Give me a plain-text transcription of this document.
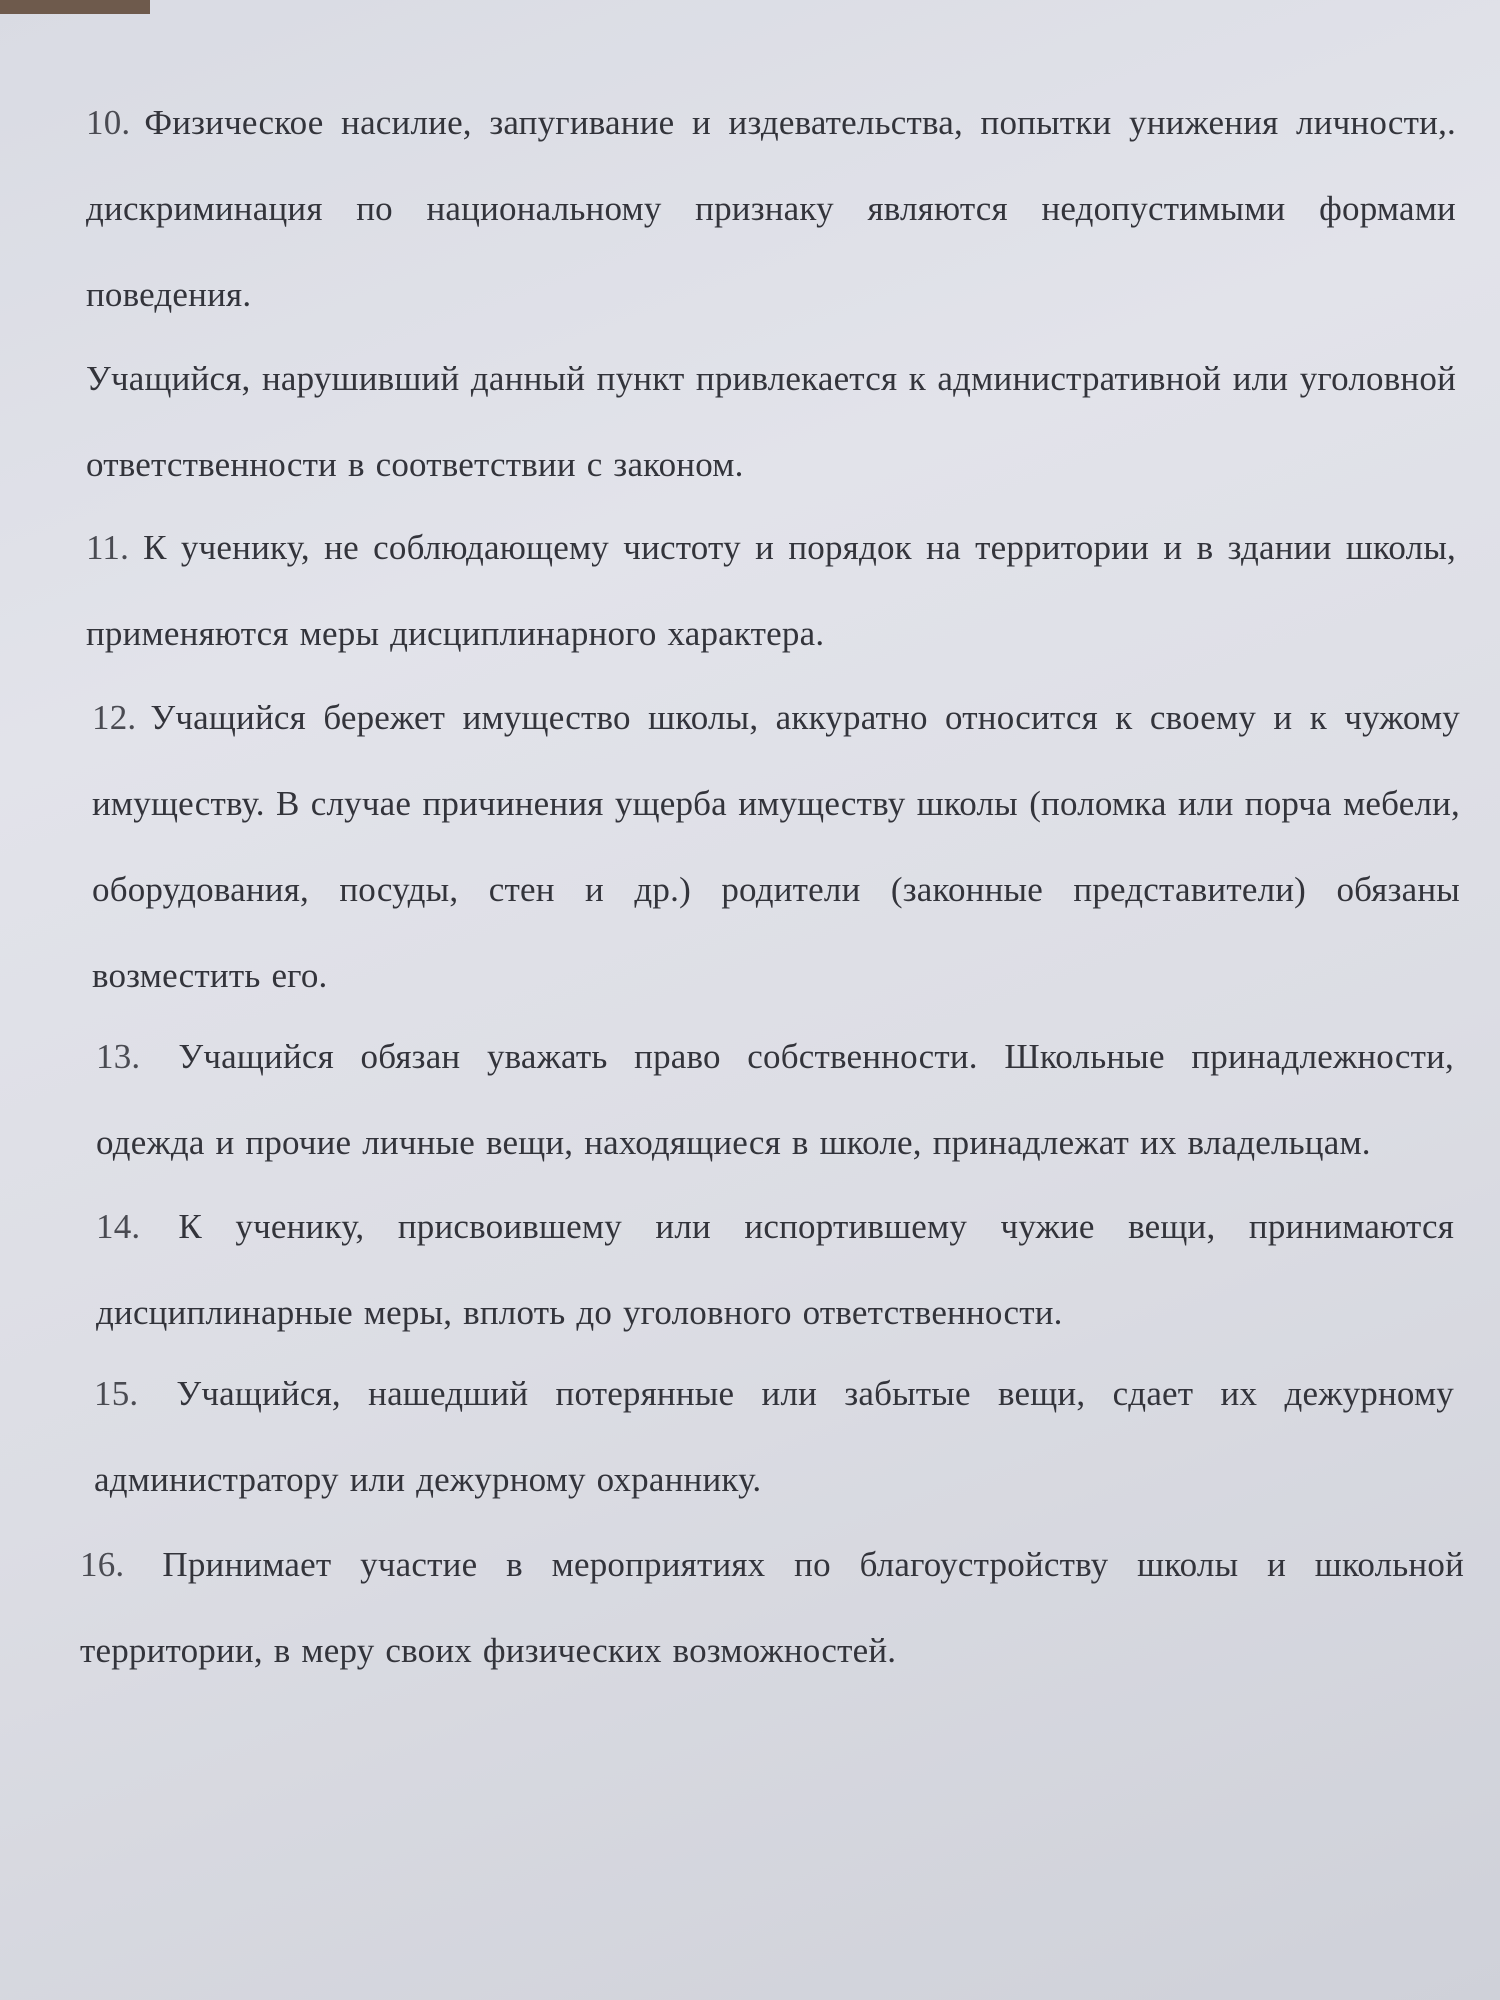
10. Физическое насилие, запугивание и издевательства, попытки унижения личности,. дискриминация по национальному признаку являются недопустимыми формами поведения.

Учащийся, нарушивший данный пункт привлекается к административной или уголовной ответственности в соответствии с законом.

11. К ученику, не соблюдающему чистоту и порядок на территории и в здании школы, применяются меры дисциплинарного характера.

12. Учащийся бережет имущество школы, аккуратно относится к своему и к чужому имуществу. В случае причинения ущерба имуществу школы (поломка или порча мебели, оборудования, посуды, стен и др.) родители (законные представители) обязаны возместить его.

13. Учащийся обязан уважать право собственности. Школьные принадлежности, одежда и прочие личные вещи, находящиеся в школе, принадлежат их владельцам.

14. К ученику, присвоившему или испортившему чужие вещи, принимаются дисциплинарные меры, вплоть до уголовного ответственности.

15. Учащийся, нашедший потерянные или забытые вещи, сдает их дежурному администратору или дежурному охраннику.

16. Принимает участие в мероприятиях по благоустройству школы и школьной территории, в меру своих физических возможностей.
